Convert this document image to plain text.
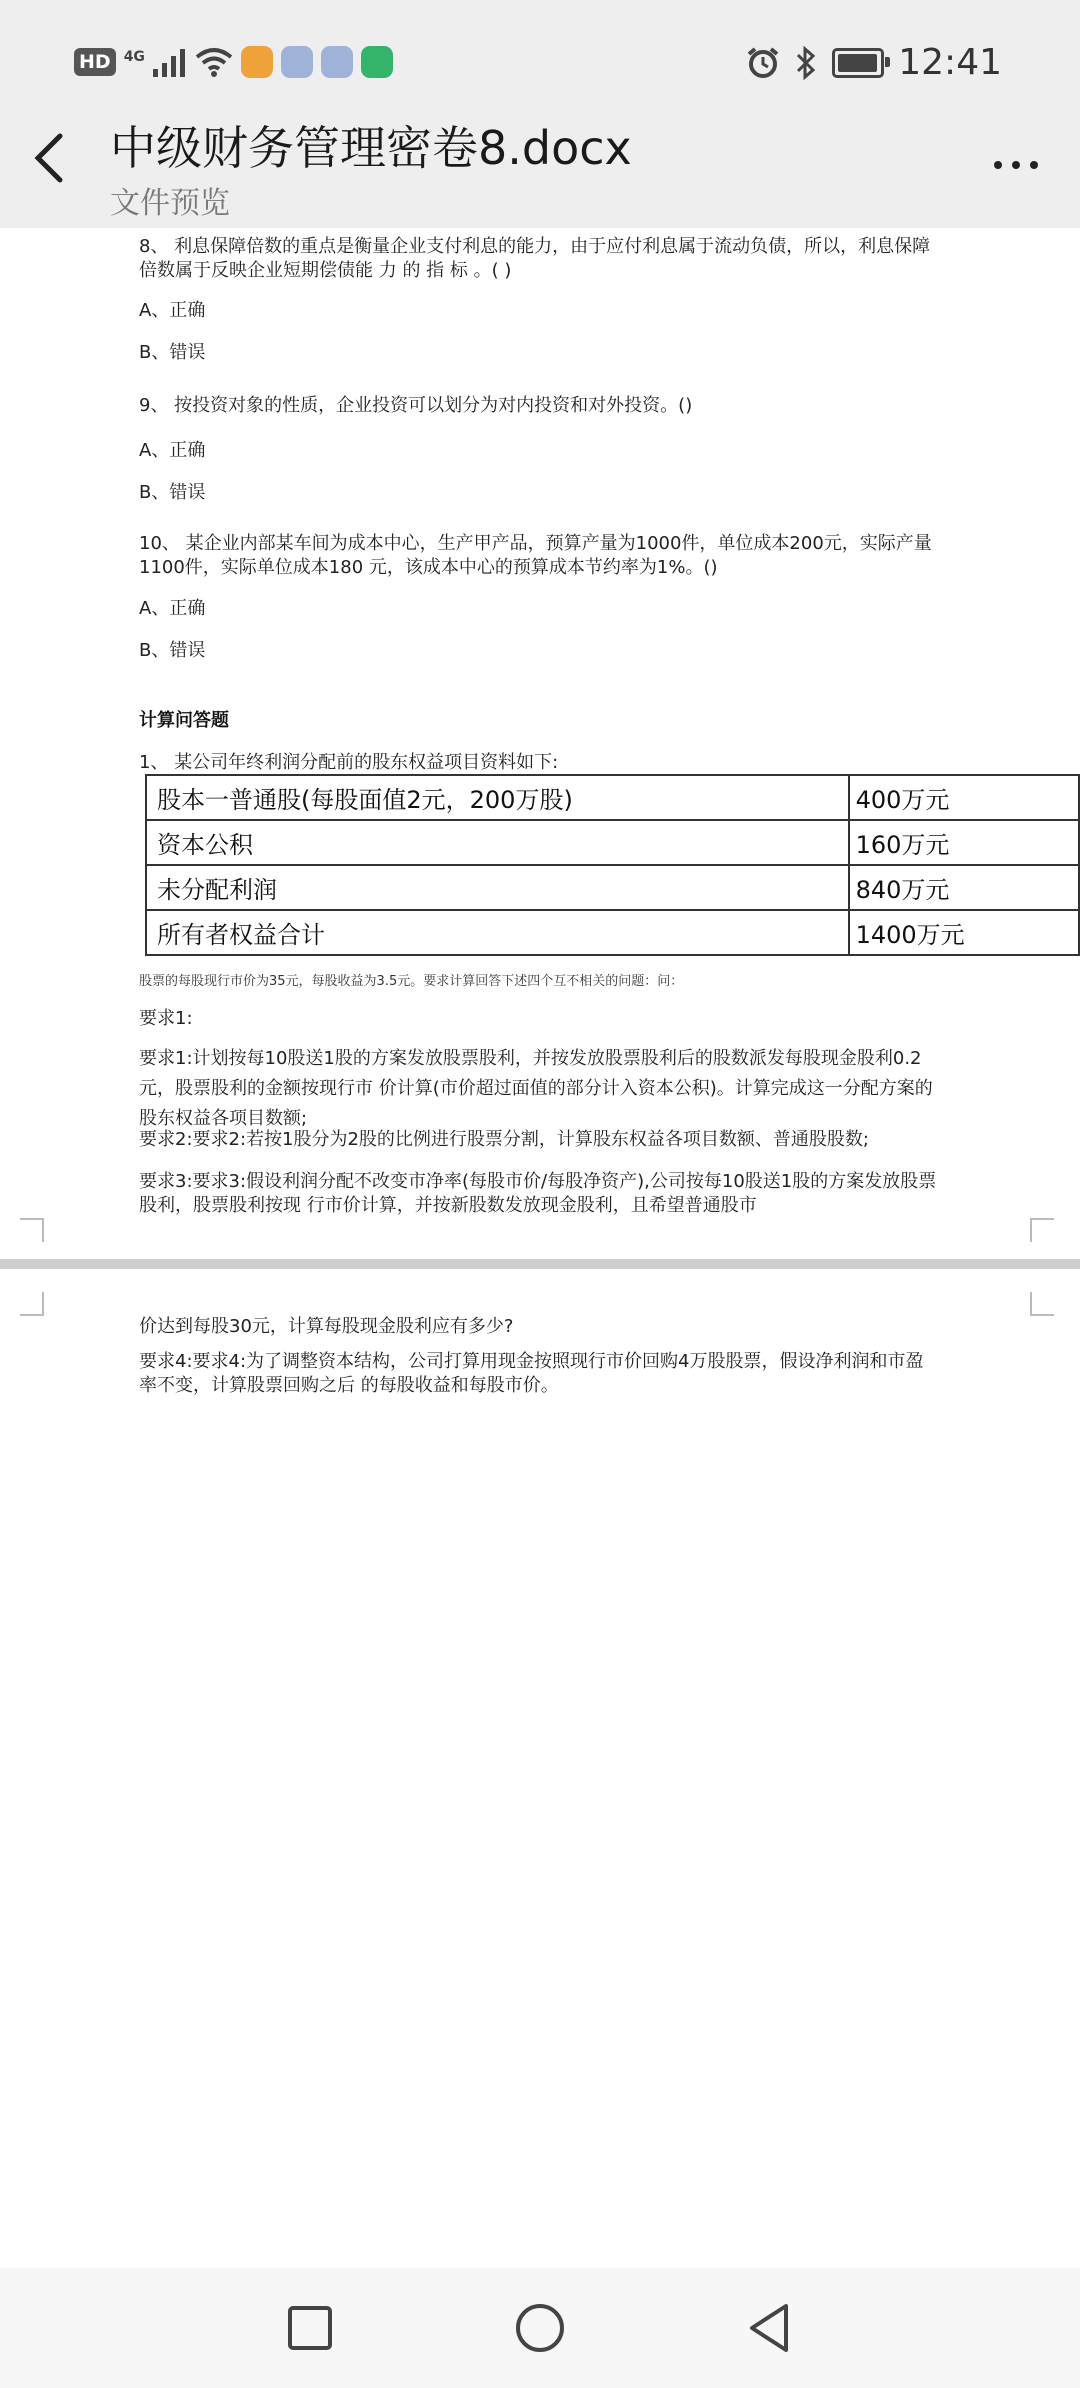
HD 4G	12:41
中级财务管理密卷8.docx
文件预览
8、 利息保障倍数的重点是衡量企业支付利息的能力，由于应付利息属于流动负债，所以，利息保障倍数属于反映企业短期偿债能 力 的 指 标 。( )
A、正确
B、错误
9、 按投资对象的性质，企业投资可以划分为对内投资和对外投资。()
A、正确
B、错误
10、 某企业内部某车间为成本中心，生产甲产品，预算产量为1000件，单位成本200元，实际产量1100件，实际单位成本180 元，该成本中心的预算成本节约率为1%。()
A、正确
B、错误
计算问答题
1、 某公司年终利润分配前的股东权益项目资料如下:
股本一普通股(每股面值2元，200万股)	400万元
资本公积	160万元
未分配利润	840万元
所有者权益合计	1400万元
股票的每股现行市价为35元，每股收益为3.5元。要求计算回答下述四个互不相关的问题：问：
要求1:
要求1:计划按每10股送1股的方案发放股票股利，并按发放股票股利后的股数派发每股现金股利0.2元，股票股利的金额按现行市 价计算(市价超过面值的部分计入资本公积)。计算完成这一分配方案的股东权益各项目数额;
要求2:要求2:若按1股分为2股的比例进行股票分割，计算股东权益各项目数额、普通股股数;
要求3:要求3:假设利润分配不改变市净率(每股市价/每股净资产),公司按每10股送1股的方案发放股票股利，股票股利按现 行市价计算，并按新股数发放现金股利，且希望普通股市
价达到每股30元，计算每股现金股利应有多少?
要求4:要求4:为了调整资本结构，公司打算用现金按照现行市价回购4万股股票，假设净利润和市盈率不变，计算股票回购之后 的每股收益和每股市价。
